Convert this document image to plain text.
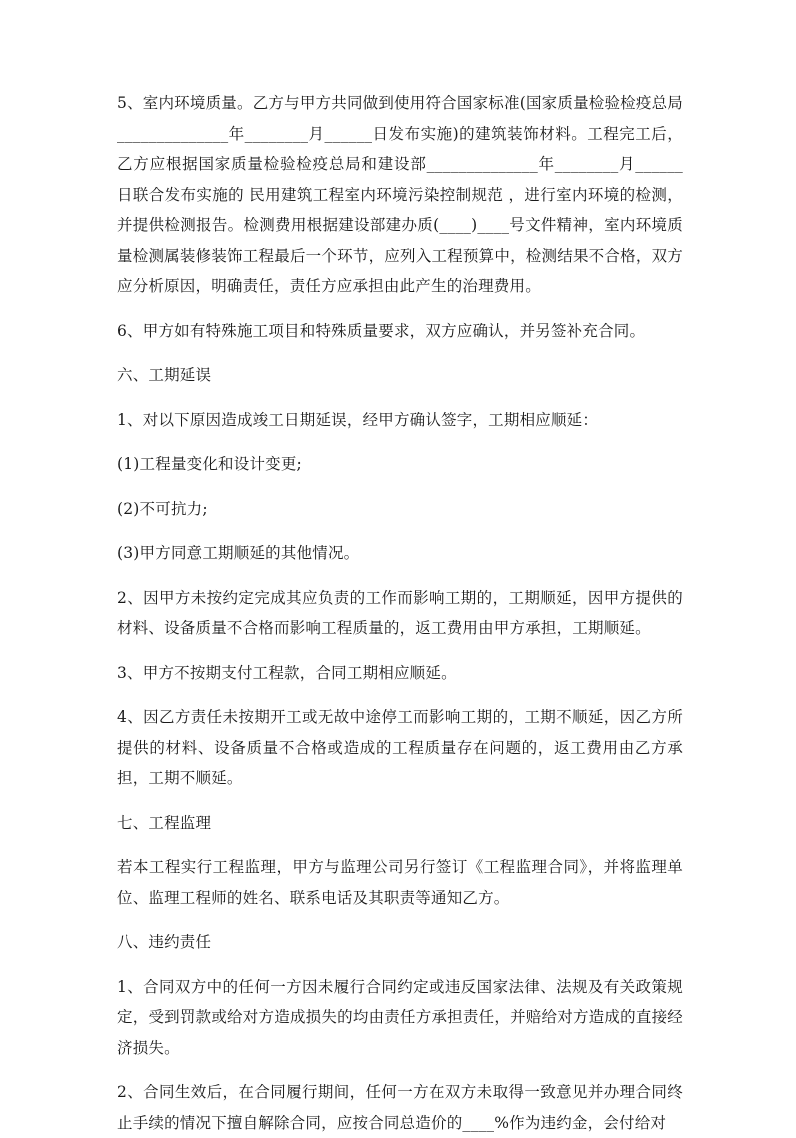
5、室内环境质量。乙方与甲方共同做到使用符合国家标准(国家质量检验检疫总局______________年________月______日发布实施)的建筑装饰材料。工程完工后，乙方应根据国家质量检验检疫总局和建设部______________年________月______日联合发布实施的 民用建筑工程室内环境污染控制规范 ，进行室内环境的检测，并提供检测报告。检测费用根据建设部建办质(____)____号文件精神，室内环境质量检测属装修装饰工程最后一个环节，应列入工程预算中，检测结果不合格，双方应分析原因，明确责任，责任方应承担由此产生的治理费用。

6、甲方如有特殊施工项目和特殊质量要求，双方应确认，并另签补充合同。

六、工期延误

1、对以下原因造成竣工日期延误，经甲方确认签字，工期相应顺延：

(1)工程量变化和设计变更;

(2)不可抗力;

(3)甲方同意工期顺延的其他情况。

2、因甲方未按约定完成其应负责的工作而影响工期的，工期顺延，因甲方提供的材料、设备质量不合格而影响工程质量的，返工费用由甲方承担，工期顺延。

3、甲方不按期支付工程款，合同工期相应顺延。

4、因乙方责任未按期开工或无故中途停工而影响工期的，工期不顺延，因乙方所提供的材料、设备质量不合格或造成的工程质量存在问题的，返工费用由乙方承担，工期不顺延。

七、工程监理

若本工程实行工程监理，甲方与监理公司另行签订《工程监理合同》，并将监理单位、监理工程师的姓名、联系电话及其职责等通知乙方。

八、违约责任

1、合同双方中的任何一方因未履行合同约定或违反国家法律、法规及有关政策规定，受到罚款或给对方造成损失的均由责任方承担责任，并赔给对方造成的直接经济损失。

2、合同生效后，在合同履行期间，任何一方在双方未取得一致意见并办理合同终止手续的情况下擅自解除合同，应按合同总造价的____%作为违约金，会付给对
